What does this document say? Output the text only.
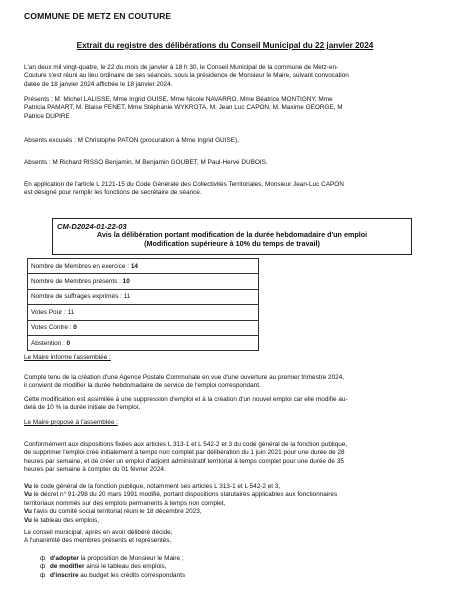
COMMUNE DE METZ EN COUTURE
Extrait du registre des délibérations du Conseil Municipal du 22 janvier 2024
L'an deux mil vingt-quatre, le 22 du mois de janvier à 18 h 30, le Conseil Municipal de la commune de Metz-en-
Couture s'est réuni au lieu ordinaire de ses séances, sous la présidence de Monsieur le Maire, suivant convocation
datée de 18 janvier 2024 affichée le 18 janvier 2024.
Présents : M. Michel LALISSE, Mme Ingrid GUISE, Mme Nicole NAVARRO, Mme Béatrice MONTIGNY, Mme
Patricia PAMART, M. Blaise FENET, Mme Stéphanie WYKROTA, M. Jean Luc CAPON, M. Maxime GEORGE, M
Patrice DUPIRE
Absents excusés : M Christophe PATON (procuration à Mme Ingrid GUISE),
Absents : M Richard RISSO Benjamin, M Benjamin GOUBET, M Paul-Hervé DUBOIS.
En application de l'article L 2121-15 du Code Générale des Collectivités Territoriales, Monsieur Jean-Luc CAPON
est désigné pour remplir les fonctions de secrétaire de séance.
CM-D2024-01-22-03
Avis la délibération portant modification de la durée hebdomadaire d'un emploi
(Modification supérieure à 10% du temps de travail)
Nombre de Membres en exercice : 14
Nombre de Membres présents : 10
Nombre de suffrages exprimés : 11
Votes Pour : 11
Votes Contre : 0
Abstention : 0
Le Maire informe l'assemblée :
Compte tenu de la création d'une Agence Postale Communale en vue d'une ouverture au premier trimestre 2024,
il convient de modifier la durée hebdomadaire de service de l'emploi correspondant.
Cette modification est assimilée à une suppression d'emploi et à la création d'un nouvel emploi car elle modifie au-
delà de 10 % la durée initiale de l'emploi,
Le Maire propose à l'assemblée :
Conformément aux dispositions fixées aux articles L 313-1 et L 542-2 et 3 du code général de la fonction publique,
de supprimer l'emploi créé initialement à temps non complet par délibération du 1 juin 2021 pour une durée de 28
heures par semaine, et de créer un emploi d'adjoint administratif territorial à temps complet pour une durée de 35
heures par semaine à compter du 01 février 2024.
Vu le code général de la fonction publique, notamment ses articles L 313-1 et L 542-2 et 3,
Vu le décret n° 91-298 du 20 mars 1991 modifié, portant dispositions statutaires applicables aux fonctionnaires
territoriaux nommés sur des emplois permanents à temps non complet,
Vu l'avis du comité social territorial réuni le 18 décembre 2023,
Vu le tableau des emplois,
Le conseil municipal, après en avoir délibéré décide,
A l'unanimité des membres présents et représentés,
ф d'adopter la proposition de Monsieur le Maire ;
ф de modifier ainsi le tableau des emplois,
ф d'inscrire au budget les crédits correspondants
